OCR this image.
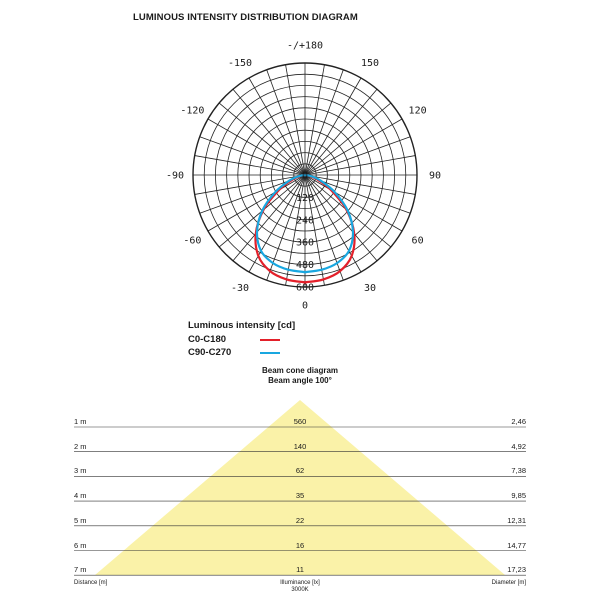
LUMINOUS INTENSITY DISTRIBUTION DIAGRAM
-/+180
150
-150
120
-120
90
-90
60
-60
30
-30
0
0
120
240
360
480
600
Luminous intensity [cd]
C0-C180
C90-C270
Beam cone diagram
Beam angle 100°
1 m	560	2,46
2 m	140	4,92
3 m	62	7,38
4 m	35	9,85
5 m	22	12,31
6 m	16	14,77
7 m	11	17,23
Distance [m]	Illuminance [lx]
3000K
Diameter [m]
